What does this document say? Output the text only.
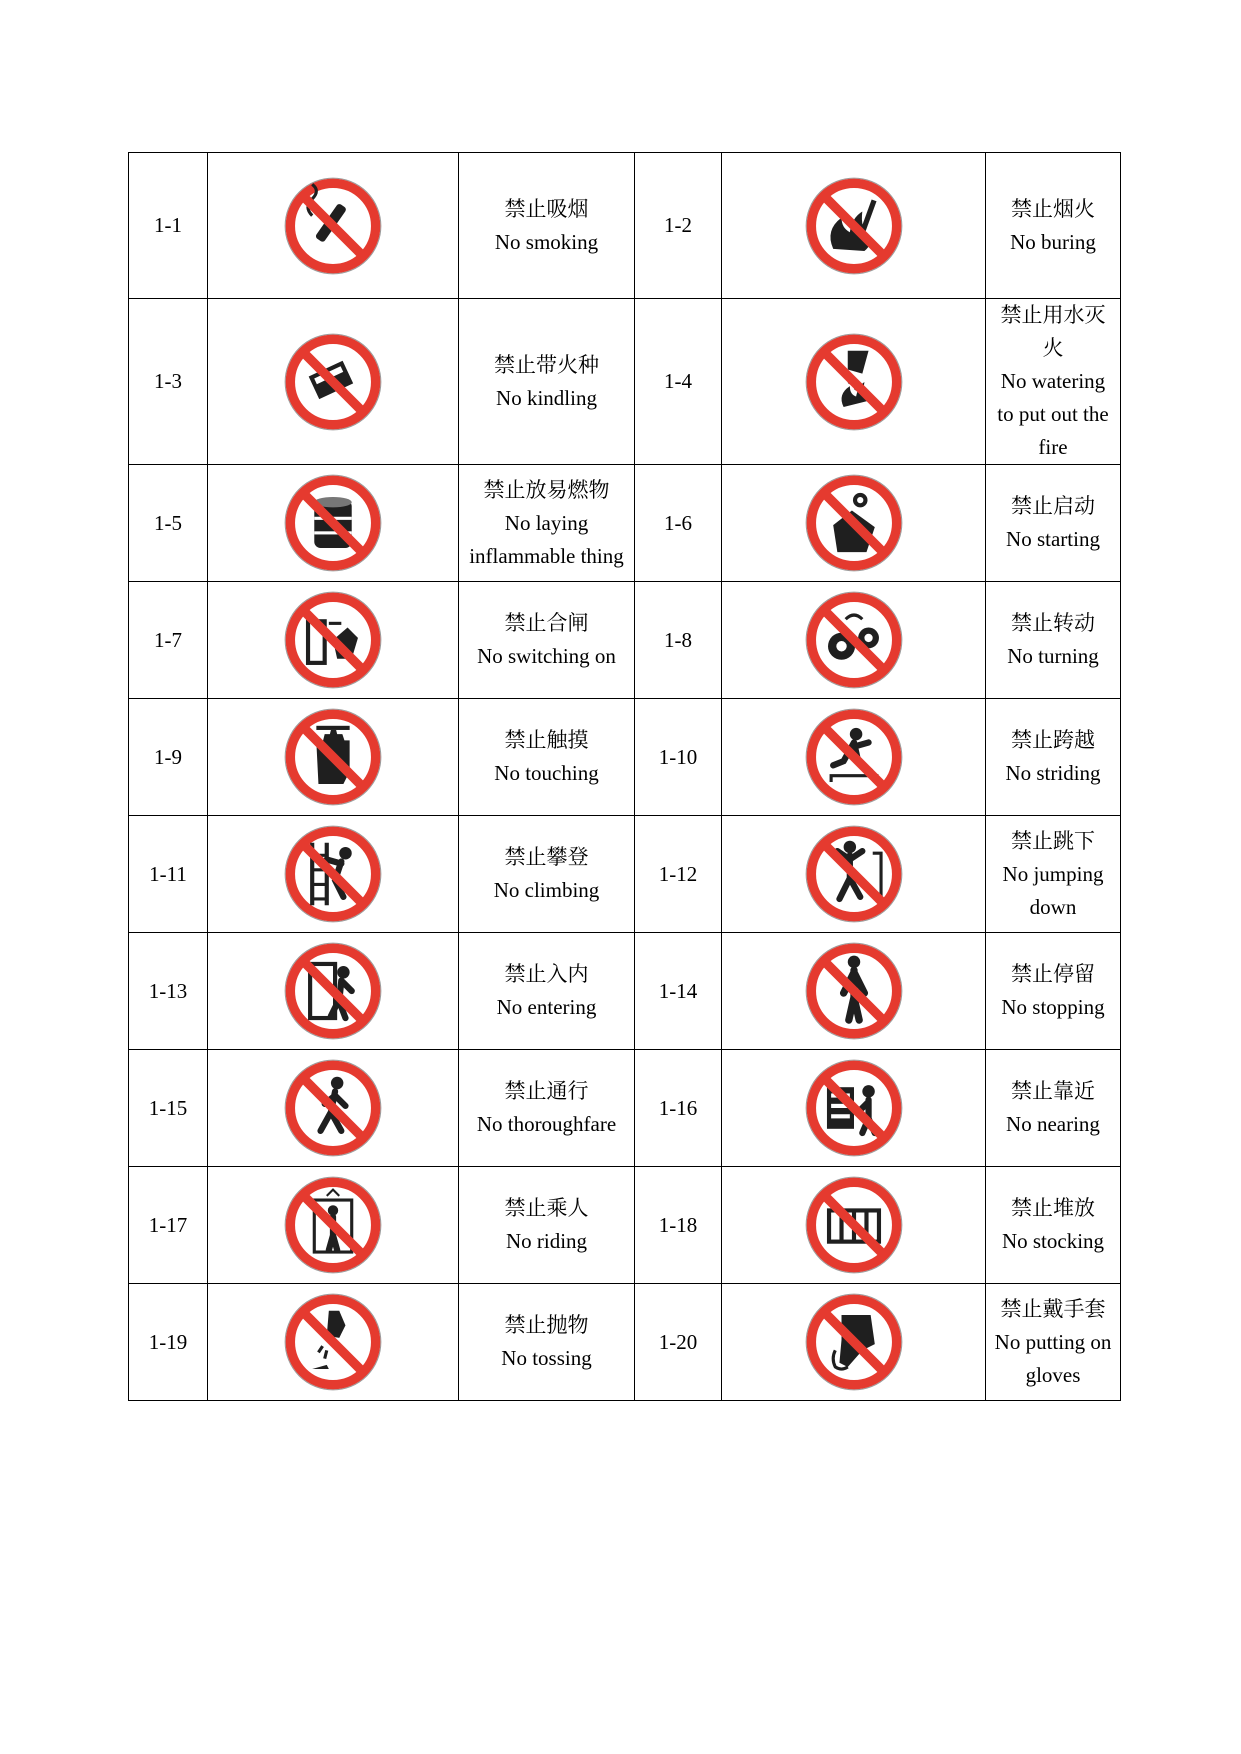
1-1		禁止吸烟
No smoking	1-2		禁止烟火
No buring

1-3		禁止带火种
No kindling	1-4		禁止用水灭火
No watering to put out the fire

1-5		禁止放易燃物
No laying inflammable thing	1-6		禁止启动
No starting

1-7		禁止合闸
No switching on	1-8		禁止转动
No turning

1-9		禁止触摸
No touching	1-10		禁止跨越
No striding

1-11		禁止攀登
No climbing	1-12		禁止跳下
No jumping down

1-13		禁止入内
No entering	1-14		禁止停留
No stopping

1-15		禁止通行
No thoroughfare	1-16		禁止靠近
No nearing

1-17		禁止乘人
No riding	1-18		禁止堆放
No stocking

1-19		禁止抛物
No tossing	1-20		禁止戴手套
No putting on gloves
